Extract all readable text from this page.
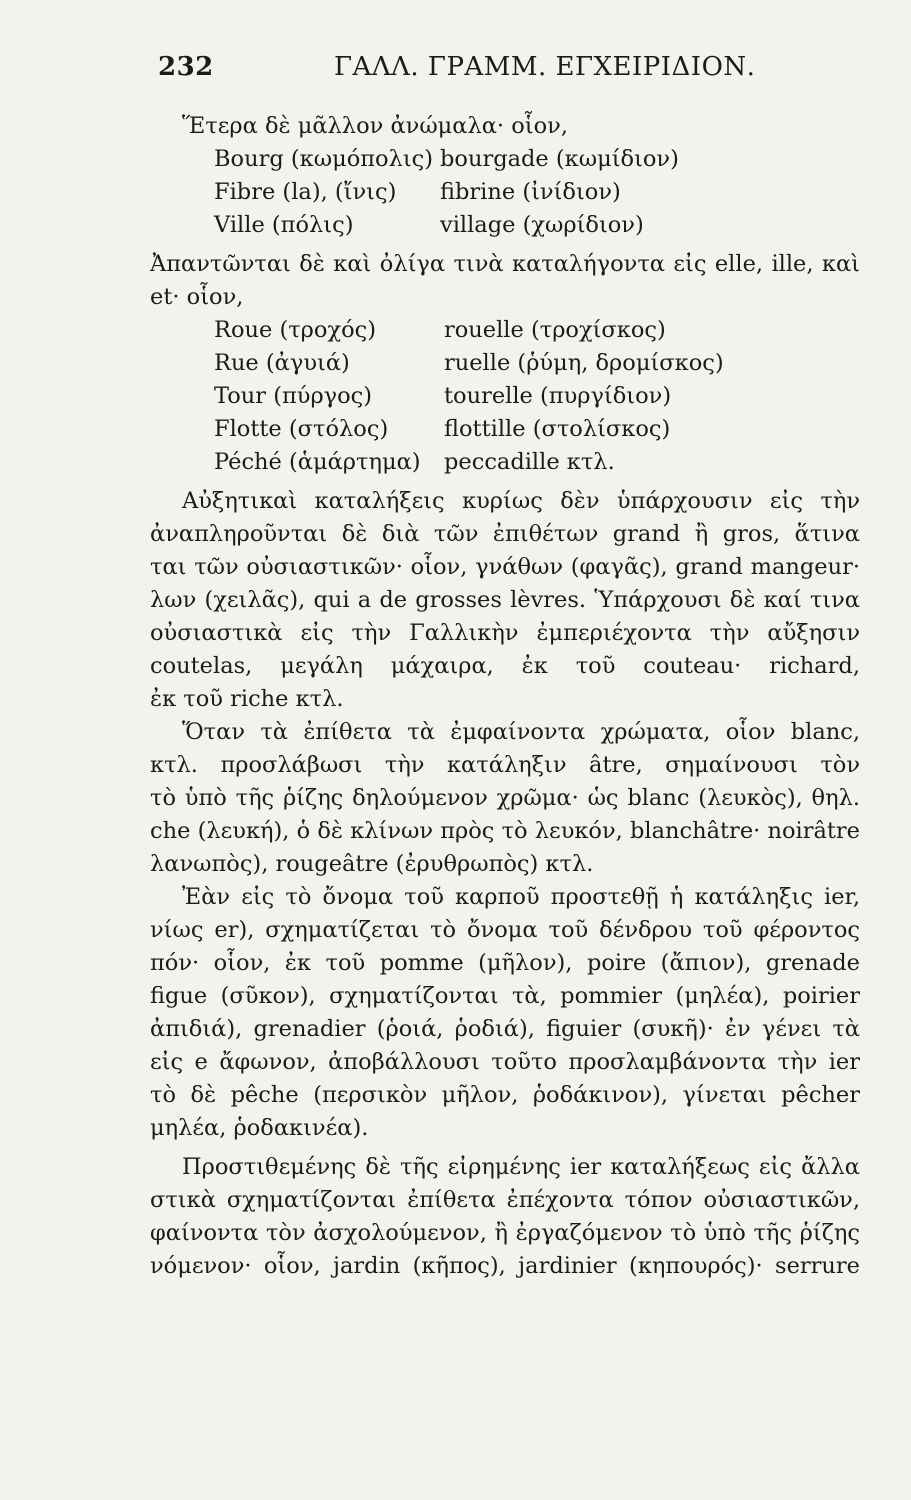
232	ΓΑΛΛ. ΓΡΑΜΜ. ΕΓΧΕΙΡΙΔΙΟΝ.
Ἕτερα δὲ μᾶλλον ἀνώμαλα· οἷον,
Bourg (κωμόπολις) bourgade (κωμίδιον)
Fibre (la), (ἴνις)	fibrine (ἰνίδιον)
Ville (πόλις)	village (χωρίδιον)
Ἀπαντῶνται δὲ καὶ ὀλίγα τινὰ καταλήγοντα εἰς elle, ille, καὶ
et· οἷον,
Roue (τροχός)	rouelle (τροχίσκος)
Rue (ἀγυιά)	ruelle (ῥύμη, δρομίσκος)
Tour (πύργος)	tourelle (πυργίδιον)
Flotte (στόλος)	flottille (στολίσκος)
Péché (ἁμάρτημα)	peccadille κτλ.
Αὐξητικαὶ καταλήξεις κυρίως δὲν ὑπάρχουσιν εἰς τὴν
ἀναπληροῦνται δὲ διὰ τῶν ἐπιθέτων grand ἢ gros, ἅτινα
ται τῶν οὐσιαστικῶν· οἷον, γνάθων (φαγᾶς), grand mangeur·
λων (χειλᾶς), qui a de grosses lèvres. Ὑπάρχουσι δὲ καί τινα
οὐσιαστικὰ εἰς τὴν Γαλλικὴν ἐμπεριέχοντα τὴν αὔξησιν
coutelas, μεγάλη μάχαιρα, ἐκ τοῦ couteau· richard,
ἐκ τοῦ riche κτλ.
Ὅταν τὰ ἐπίθετα τὰ ἐμφαίνοντα χρώματα, οἷον blanc,
κτλ. προσλάβωσι τὴν κατάληξιν âtre, σημαίνουσι τὸν
τὸ ὑπὸ τῆς ῥίζης δηλούμενον χρῶμα· ὡς blanc (λευκὸς), θηλ.
che (λευκή), ὁ δὲ κλίνων πρὸς τὸ λευκόν, blanchâtre· noirâtre
λανωπὸς), rougeâtre (ἐρυθρωπὸς) κτλ.
Ἐὰν εἰς τὸ ὄνομα τοῦ καρποῦ προστεθῇ ἡ κατάληξις ier,
νίως er), σχηματίζεται τὸ ὄνομα τοῦ δένδρου τοῦ φέροντος
πόν· οἷον, ἐκ τοῦ pomme (μῆλον), poire (ἄπιον), grenade
figue (σῦκον), σχηματίζονται τὰ, pommier (μηλέα), poirier
ἀπιδιά), grenadier (ῥοιά, ῥοδιά), figuier (συκῆ)· ἐν γένει τὰ
εἰς e ἄφωνον, ἀποβάλλουσι τοῦτο προσλαμβάνοντα τὴν ier
τὸ δὲ pêche (περσικὸν μῆλον, ῥοδάκινον), γίνεται pêcher
μηλέα, ῥοδακινέα).
Προστιθεμένης δὲ τῆς εἰρημένης ier καταλήξεως εἰς ἄλλα
στικὰ σχηματίζονται ἐπίθετα ἐπέχοντα τόπον οὐσιαστικῶν,
φαίνοντα τὸν ἀσχολούμενον, ἢ ἐργαζόμενον τὸ ὑπὸ τῆς ῥίζης
νόμενον· οἷον, jardin (κῆπος), jardinier (κηπουρός)· serrure
